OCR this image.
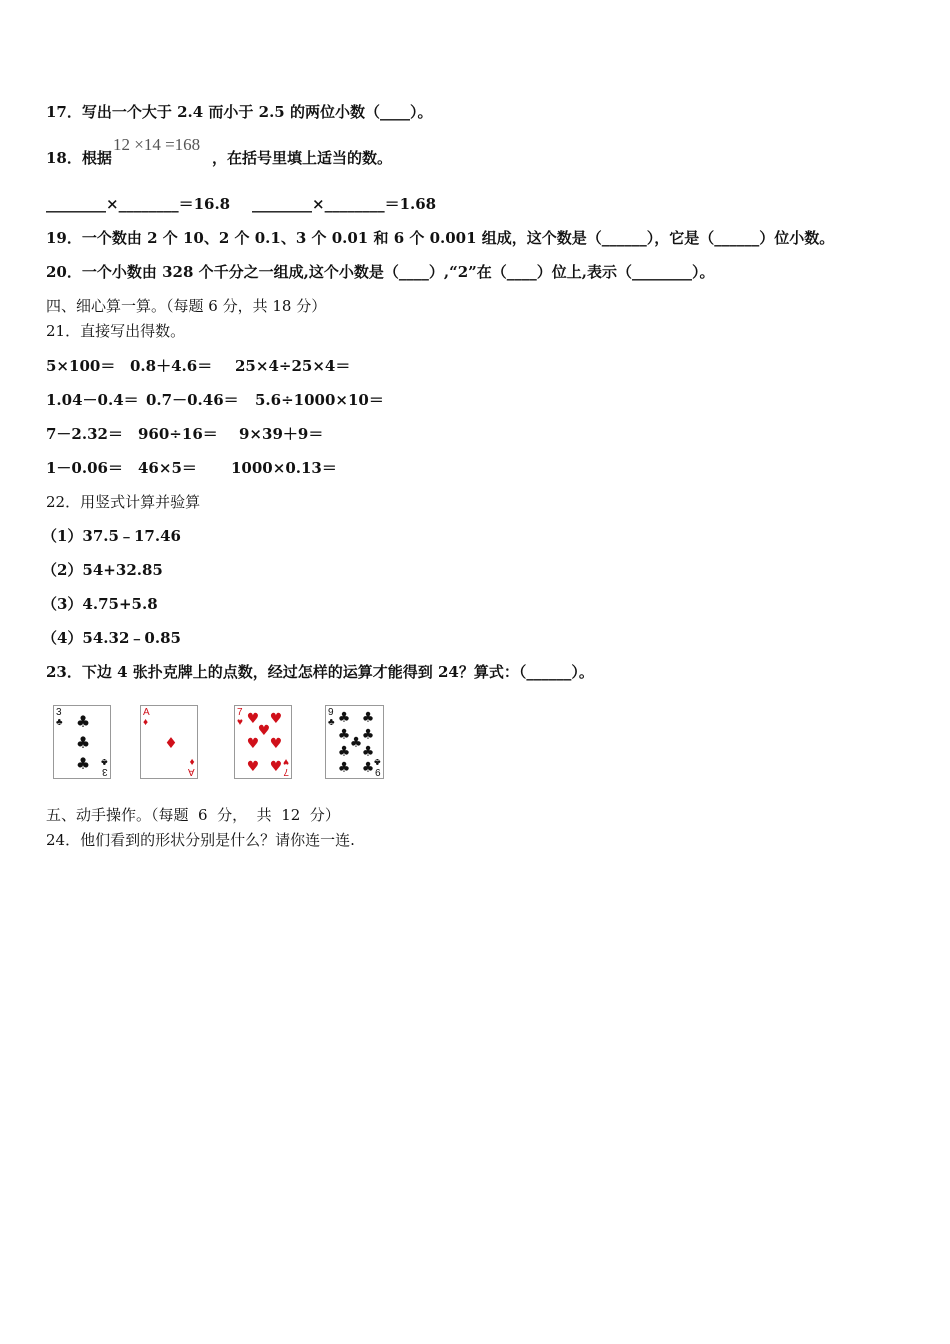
17．写出一个大于 2.4 而小于 2.5 的两位小数（____）。
18．根据
12 ×14 =168
，在括号里填上适当的数。
________×________＝16.8 ________×________＝1.68
19．一个数由 2 个 10、2 个 0.1、3 个 0.01 和 6 个 0.001 组成，这个数是（______），它是（______）位小数。
20．一个小数由 328 个千分之一组成,这个小数是（____）,“2”在（____）位上,表示（________）。
四、细心算一算。（每题 6 分，共 18 分）
21．直接写出得数。
5×100＝ 0.8＋4.6＝ 25×4÷25×4＝
1.04－0.4＝ 0.7－0.46＝ 5.6÷1000×10＝
7－2.32＝ 960÷16＝ 9×39＋9＝
1－0.06＝ 46×5＝ 1000×0.13＝
22．用竖式计算并验算
（1）37.5﹣17.46
（2）54+32.85
（3）4.75+5.8
（4）54.32﹣0.85
23．下边 4 张扑克牌上的点数，经过怎样的运算才能得到 24？算式：（______）。
3
♣
3
♣
♣
♣
♣
A
♦
A
♦
♦
7
♥
7
♥
♥ ♥
♥
♥ ♥
♥ ♥
9
♣
9
♣
♣ ♣
♣ ♣
♣
♣ ♣
♣ ♣
五、动手操作。（每题  6  分，  共  12  分）
24．他们看到的形状分别是什么？请你连一连.
